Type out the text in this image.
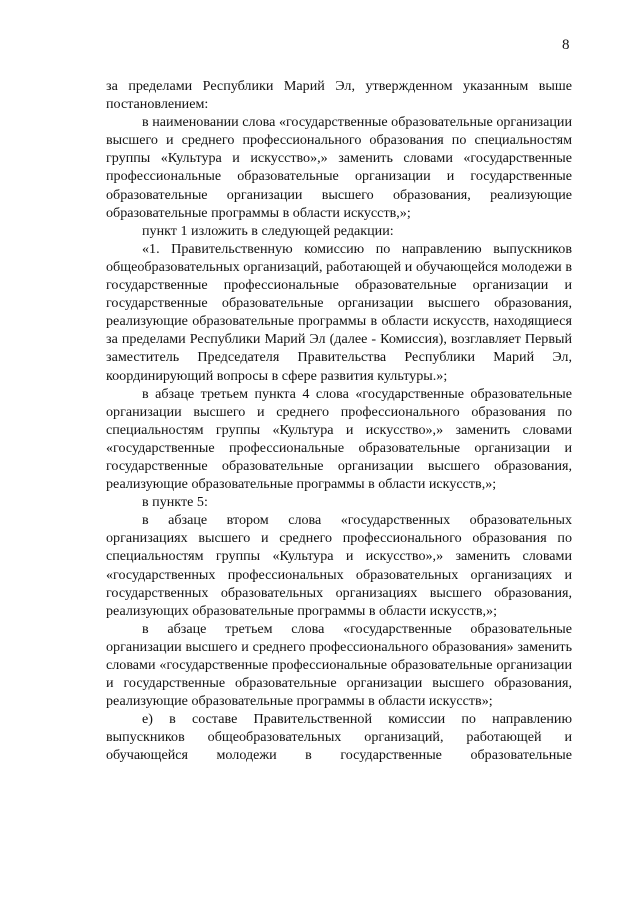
8

за пределами Республики Марий Эл, утвержденном указанным выше постановлением:

в наименовании слова «государственные образовательные организации высшего и среднего профессионального образования по специальностям группы «Культура и искусство»,» заменить словами «государственные профессиональные образовательные организации и государственные образовательные организации высшего образования, реализующие образовательные программы в области искусств,»;

пункт 1 изложить в следующей редакции:

«1. Правительственную комиссию по направлению выпускников общеобразовательных организаций, работающей и обучающейся молодежи в государственные профессиональные образовательные организации и государственные образовательные организации высшего образования, реализующие образовательные программы в области искусств, находящиеся за пределами Республики Марий Эл (далее - Комиссия), возглавляет Первый заместитель Председателя Правительства Республики Марий Эл, координирующий вопросы в сфере развития культуры.»;

в абзаце третьем пункта 4 слова «государственные образовательные организации высшего и среднего профессионального образования по специальностям группы «Культура и искусство»,» заменить словами «государственные профессиональные образовательные организации и государственные образовательные организации высшего образования, реализующие образовательные программы в области искусств,»;

в пункте 5:

в абзаце втором слова «государственных образовательных организациях высшего и среднего профессионального образования по специальностям группы «Культура и искусство»,» заменить словами «государственных профессиональных образовательных организациях и государственных образовательных организациях высшего образования, реализующих образовательные программы в области искусств,»;

в абзаце третьем слова «государственные образовательные организации высшего и среднего профессионального образования» заменить словами «государственные профессиональные образовательные организации и государственные образовательные организации высшего образования, реализующие образовательные программы в области искусств»;

е) в составе Правительственной комиссии по направлению выпускников общеобразовательных организаций, работающей и обучающейся молодежи в государственные образовательные
